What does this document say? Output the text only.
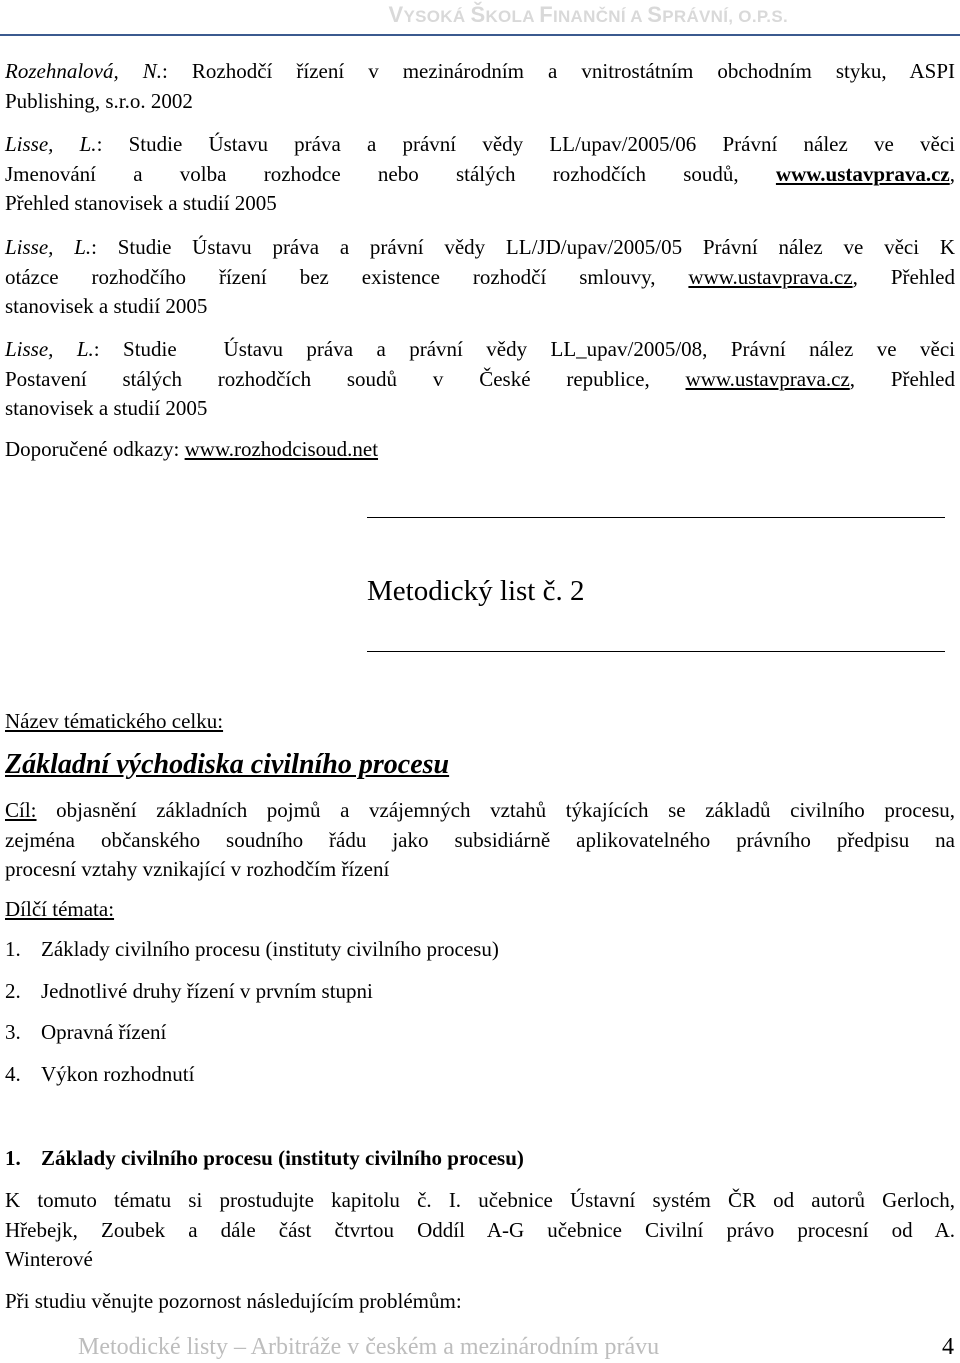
VYSOKÁ ŠKOLA FINANČNÍ A SPRÁVNÍ, O.P.S.
Rozehnalová, N.: Rozhodčí řízení v mezinárodním a vnitrostátním obchodním styku, ASPI
Publishing, s.r.o. 2002
Lisse, L.: Studie Ústavu práva a právní vědy LL/upav/2005/06 Právní nález ve věci
Jmenování a volba rozhodce nebo stálých rozhodčích soudů, www.ustavprava.cz,
Přehled stanovisek a studií 2005
Lisse, L.: Studie Ústavu práva a právní vědy LL/JD/upav/2005/05 Právní nález ve věci K
otázce rozhodčího řízení bez existence rozhodčí smlouvy, www.ustavprava.cz, Přehled
stanovisek a studií 2005
Lisse, L.: Studie  Ústavu práva a právní vědy LL_upav/2005/08, Právní nález ve věci
Postavení stálých rozhodčích soudů v České republice, www.ustavprava.cz, Přehled
stanovisek a studií 2005
Doporučené odkazy: www.rozhodcisoud.net
Metodický list č. 2
Název tématického celku:
Základní východiska civilního procesu
Cíl: objasnění základních pojmů a vzájemných vztahů týkajících se základů civilního procesu,
zejména občanského soudního řádu jako subsidiárně aplikovatelného právního předpisu na
procesní vztahy vznikající v rozhodčím řízení
Dílčí témata:
1. Základy civilního procesu (instituty civilního procesu)
2. Jednotlivé druhy řízení v prvním stupni
3. Opravná řízení
4. Výkon rozhodnutí
1. Základy civilního procesu (instituty civilního procesu)
K tomuto tématu si prostudujte kapitolu č. I. učebnice Ústavní systém ČR od autorů Gerloch,
Hřebejk, Zoubek a dále část čtvrtou Oddíl A-G učebnice Civilní právo procesní od A.
Winterové
Při studiu věnujte pozornost následujícím problémům:
Metodické listy – Arbitráže v českém a mezinárodním právu	4
